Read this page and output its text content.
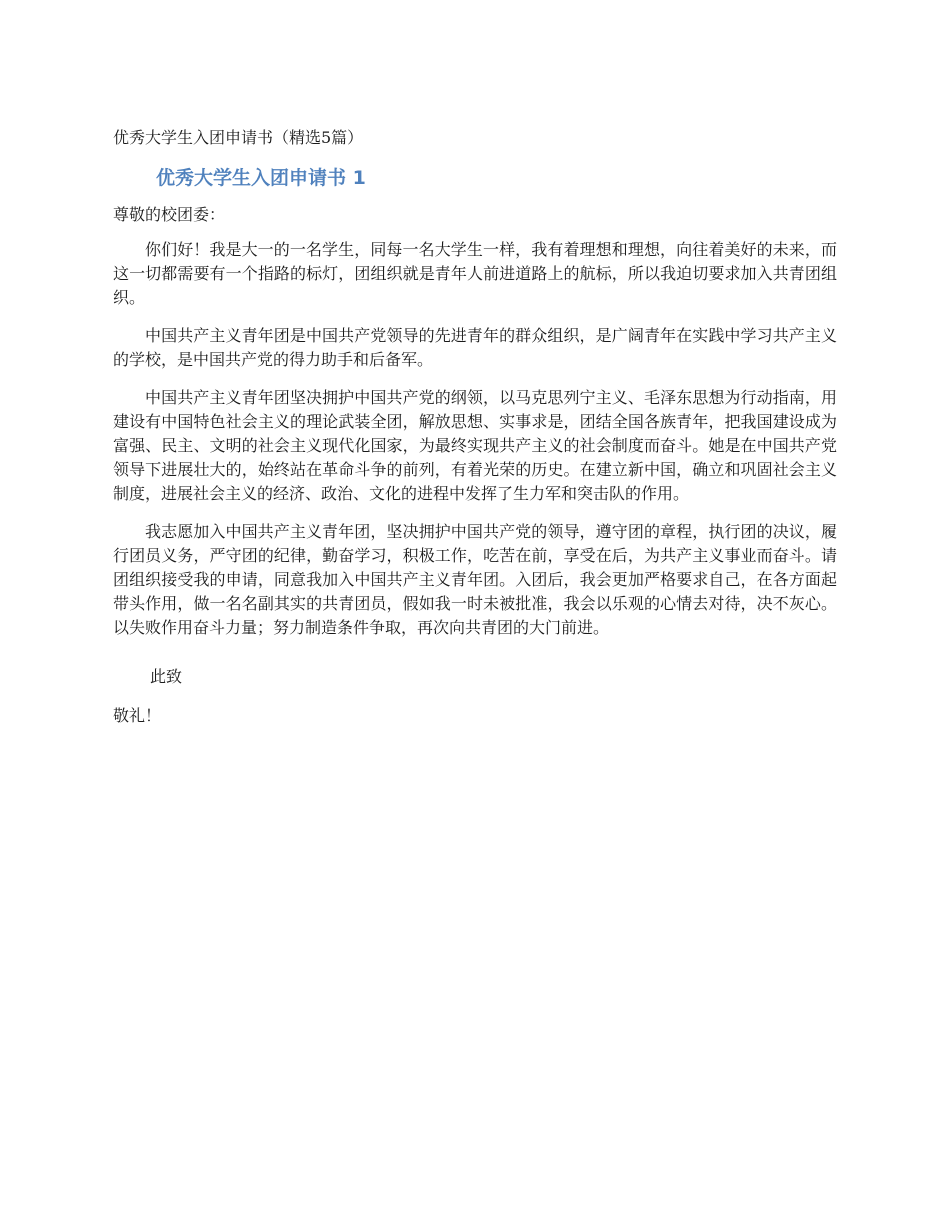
优秀大学生入团申请书（精选5篇）
优秀大学生入团申请书 1
尊敬的校团委：

你们好！我是大一的一名学生，同每一名大学生一样，我有着理想和理想，向往着美好的未来，而这一切都需要有一个指路的标灯，团组织就是青年人前进道路上的航标，所以我迫切要求加入共青团组织。

中国共产主义青年团是中国共产党领导的先进青年的群众组织，是广阔青年在实践中学习共产主义的学校，是中国共产党的得力助手和后备军。

中国共产主义青年团坚决拥护中国共产党的纲领，以马克思列宁主义、毛泽东思想为行动指南，用建设有中国特色社会主义的理论武装全团，解放思想、实事求是，团结全国各族青年，把我国建设成为富强、民主、文明的社会主义现代化国家，为最终实现共产主义的社会制度而奋斗。她是在中国共产党领导下进展壮大的，始终站在革命斗争的前列，有着光荣的历史。在建立新中国，确立和巩固社会主义制度，进展社会主义的经济、政治、文化的进程中发挥了生力军和突击队的作用。

我志愿加入中国共产主义青年团，坚决拥护中国共产党的领导，遵守团的章程，执行团的决议，履行团员义务，严守团的纪律，勤奋学习，积极工作，吃苦在前，享受在后，为共产主义事业而奋斗。请团组织接受我的申请，同意我加入中国共产主义青年团。入团后，我会更加严格要求自己，在各方面起带头作用，做一名名副其实的共青团员，假如我一时未被批准，我会以乐观的心情去对待，决不灰心。以失败作用奋斗力量；努力制造条件争取，再次向共青团的大门前进。

此致
敬礼！
